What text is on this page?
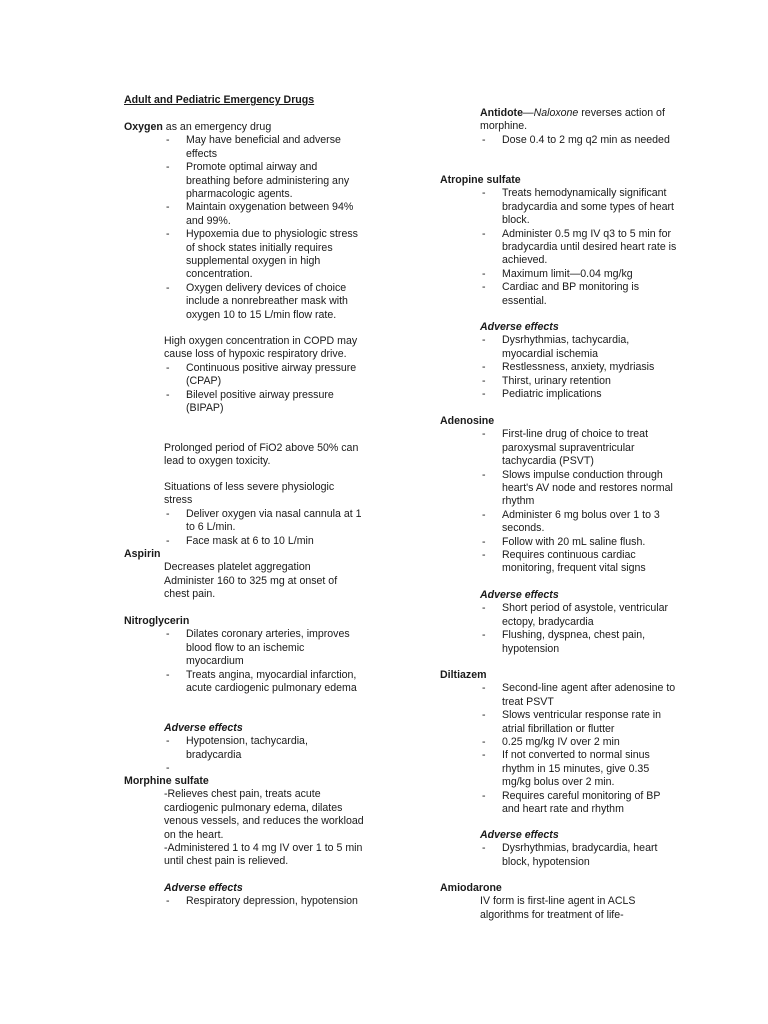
Adult and Pediatric Emergency Drugs
Oxygen as an emergency drug
- May have beneficial and adverse effects
- Promote optimal airway and breathing before administering any pharmacologic agents.
- Maintain oxygenation between 94% and 99%.
- Hypoxemia due to physiologic stress of shock states initially requires supplemental oxygen in high concentration.
- Oxygen delivery devices of choice include a nonrebreather mask with oxygen 10 to 15 L/min flow rate.
High oxygen concentration in COPD may cause loss of hypoxic respiratory drive.
- Continuous positive airway pressure (CPAP)
- Bilevel positive airway pressure (BIPAP)
Prolonged period of FiO2 above 50% can lead to oxygen toxicity.
Situations of less severe physiologic stress
- Deliver oxygen via nasal cannula at 1 to 6 L/min.
- Face mask at 6 to 10 L/min
Aspirin
Decreases platelet aggregation
Administer 160 to 325 mg at onset of chest pain.
Nitroglycerin
- Dilates coronary arteries, improves blood flow to an ischemic myocardium
- Treats angina, myocardial infarction, acute cardiogenic pulmonary edema
Adverse effects
- Hypotension, tachycardia, bradycardia
Morphine sulfate
-Relieves chest pain, treats acute cardiogenic pulmonary edema, dilates venous vessels, and reduces the workload on the heart.
-Administered 1 to 4 mg IV over 1 to 5 min until chest pain is relieved.
Adverse effects
- Respiratory depression, hypotension
Antidote—Naloxone reverses action of morphine.
- Dose 0.4 to 2 mg q2 min as needed
Atropine sulfate
- Treats hemodynamically significant bradycardia and some types of heart block.
- Administer 0.5 mg IV q3 to 5 min for bradycardia until desired heart rate is achieved.
- Maximum limit—0.04 mg/kg
- Cardiac and BP monitoring is essential.
Adverse effects
- Dysrhythmias, tachycardia, myocardial ischemia
- Restlessness, anxiety, mydriasis
- Thirst, urinary retention
- Pediatric implications
Adenosine
- First-line drug of choice to treat paroxysmal supraventricular tachycardia (PSVT)
- Slows impulse conduction through heart's AV node and restores normal rhythm
- Administer 6 mg bolus over 1 to 3 seconds.
- Follow with 20 mL saline flush.
- Requires continuous cardiac monitoring, frequent vital signs
Adverse effects
- Short period of asystole, ventricular ectopy, bradycardia
- Flushing, dyspnea, chest pain, hypotension
Diltiazem
- Second-line agent after adenosine to treat PSVT
- Slows ventricular response rate in atrial fibrillation or flutter
- 0.25 mg/kg IV over 2 min
- If not converted to normal sinus rhythm in 15 minutes, give 0.35 mg/kg bolus over 2 min.
- Requires careful monitoring of BP and heart rate and rhythm
Adverse effects
- Dysrhythmias, bradycardia, heart block, hypotension
Amiodarone
IV form is first-line agent in ACLS algorithms for treatment of life-
